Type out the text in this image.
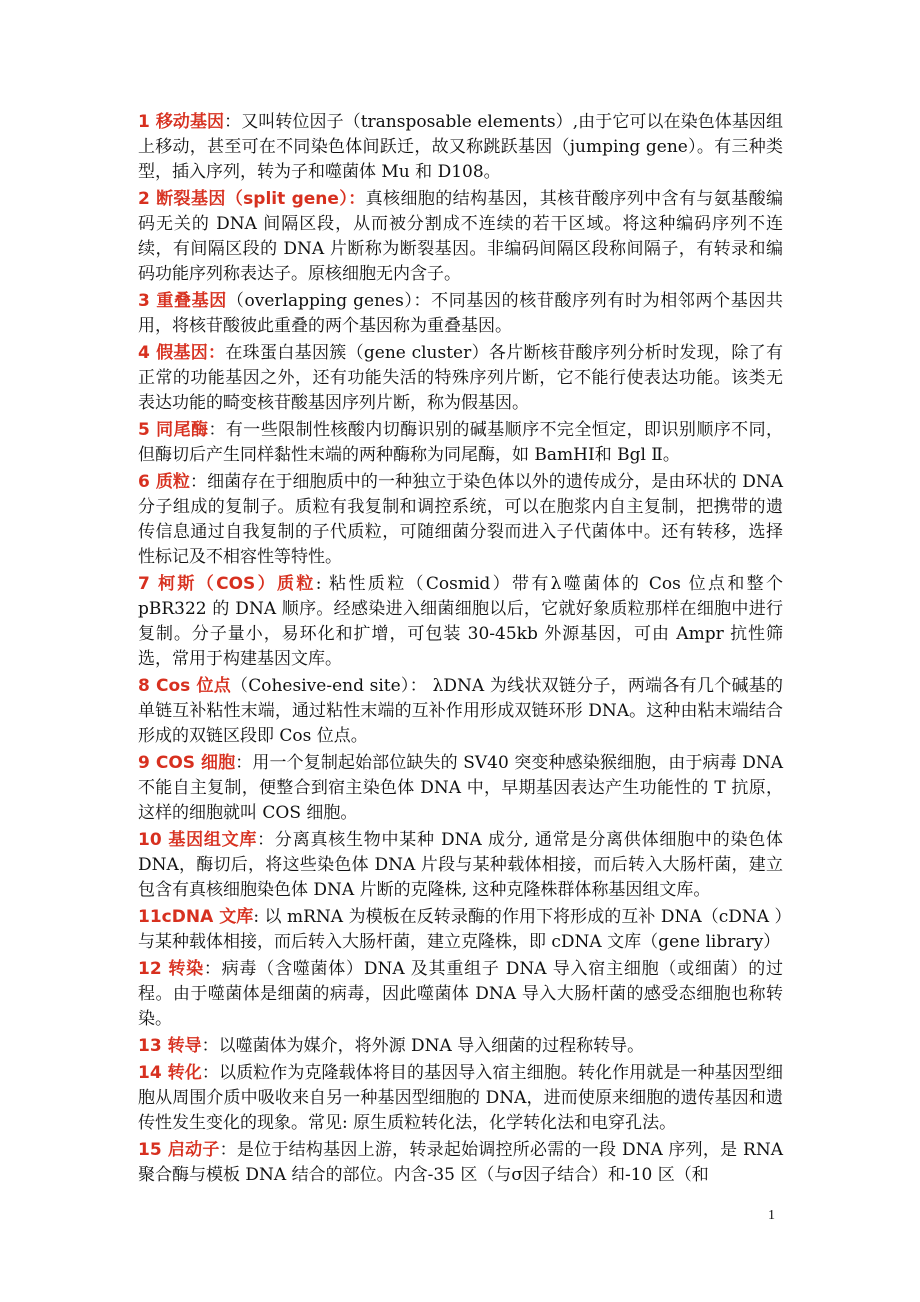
1 移动基因：又叫转位因子（transposable elements）,由于它可以在染色体基因组上移动，甚至可在不同染色体间跃迁，故又称跳跃基因（jumping gene）。有三种类型，插入序列，转为子和噬菌体 Mu 和 D108。

2 断裂基因（split gene）：真核细胞的结构基因，其核苷酸序列中含有与氨基酸编码无关的 DNA 间隔区段，从而被分割成不连续的若干区域。将这种编码序列不连续，有间隔区段的 DNA 片断称为断裂基因。非编码间隔区段称间隔子，有转录和编码功能序列称表达子。原核细胞无内含子。

3 重叠基因（overlapping genes）：不同基因的核苷酸序列有时为相邻两个基因共用，将核苷酸彼此重叠的两个基因称为重叠基因。

4 假基因：在珠蛋白基因簇（gene cluster）各片断核苷酸序列分析时发现，除了有正常的功能基因之外，还有功能失活的特殊序列片断，它不能行使表达功能。该类无表达功能的畸变核苷酸基因序列片断，称为假基因。

5 同尾酶：有一些限制性核酸内切酶识别的碱基顺序不完全恒定，即识别顺序不同，但酶切后产生同样黏性末端的两种酶称为同尾酶，如 BamHⅠ和 Bgl Ⅱ。

6 质粒：细菌存在于细胞质中的一种独立于染色体以外的遗传成分，是由环状的 DNA 分子组成的复制子。质粒有我复制和调控系统，可以在胞浆内自主复制，把携带的遗传信息通过自我复制的子代质粒，可随细菌分裂而进入子代菌体中。还有转移，选择性标记及不相容性等特性。

7 柯斯（COS）质粒: 粘性质粒（Cosmid）带有λ噬菌体的 Cos 位点和整个 pBR322 的 DNA 顺序。经感染进入细菌细胞以后，它就好象质粒那样在细胞中进行复制。分子量小，易环化和扩增，可包装 30-45kb 外源基因，可由 Ampr 抗性筛选，常用于构建基因文库。

8 Cos 位点（Cohesive-end site）： λDNA 为线状双链分子，两端各有几个碱基的单链互补粘性末端，通过粘性末端的互补作用形成双链环形 DNA。这种由粘末端结合形成的双链区段即 Cos 位点。

9 COS 细胞：用一个复制起始部位缺失的 SV40 突变种感染猴细胞，由于病毒 DNA 不能自主复制，便整合到宿主染色体 DNA 中，早期基因表达产生功能性的 T 抗原，这样的细胞就叫 COS 细胞。

10 基因组文库：分离真核生物中某种 DNA 成分, 通常是分离供体细胞中的染色体 DNA，酶切后，将这些染色体 DNA 片段与某种载体相接，而后转入大肠杆菌，建立包含有真核细胞染色体 DNA 片断的克隆株, 这种克隆株群体称基因组文库。

11cDNA 文库: 以 mRNA 为模板在反转录酶的作用下将形成的互补 DNA（cDNA ）与某种载体相接，而后转入大肠杆菌，建立克隆株，即 cDNA 文库（gene library）

12 转染：病毒（含噬菌体）DNA 及其重组子 DNA 导入宿主细胞（或细菌）的过程。由于噬菌体是细菌的病毒，因此噬菌体 DNA 导入大肠杆菌的感受态细胞也称转染。

13 转导：以噬菌体为媒介，将外源 DNA 导入细菌的过程称转导。

14 转化：以质粒作为克隆载体将目的基因导入宿主细胞。转化作用就是一种基因型细胞从周围介质中吸收来自另一种基因型细胞的 DNA，进而使原来细胞的遗传基因和遗传性发生变化的现象。常见: 原生质粒转化法，化学转化法和电穿孔法。

15 启动子：是位于结构基因上游，转录起始调控所必需的一段 DNA 序列，是 RNA 聚合酶与模板 DNA 结合的部位。内含-35 区（与σ因子结合）和-10 区（和

1
